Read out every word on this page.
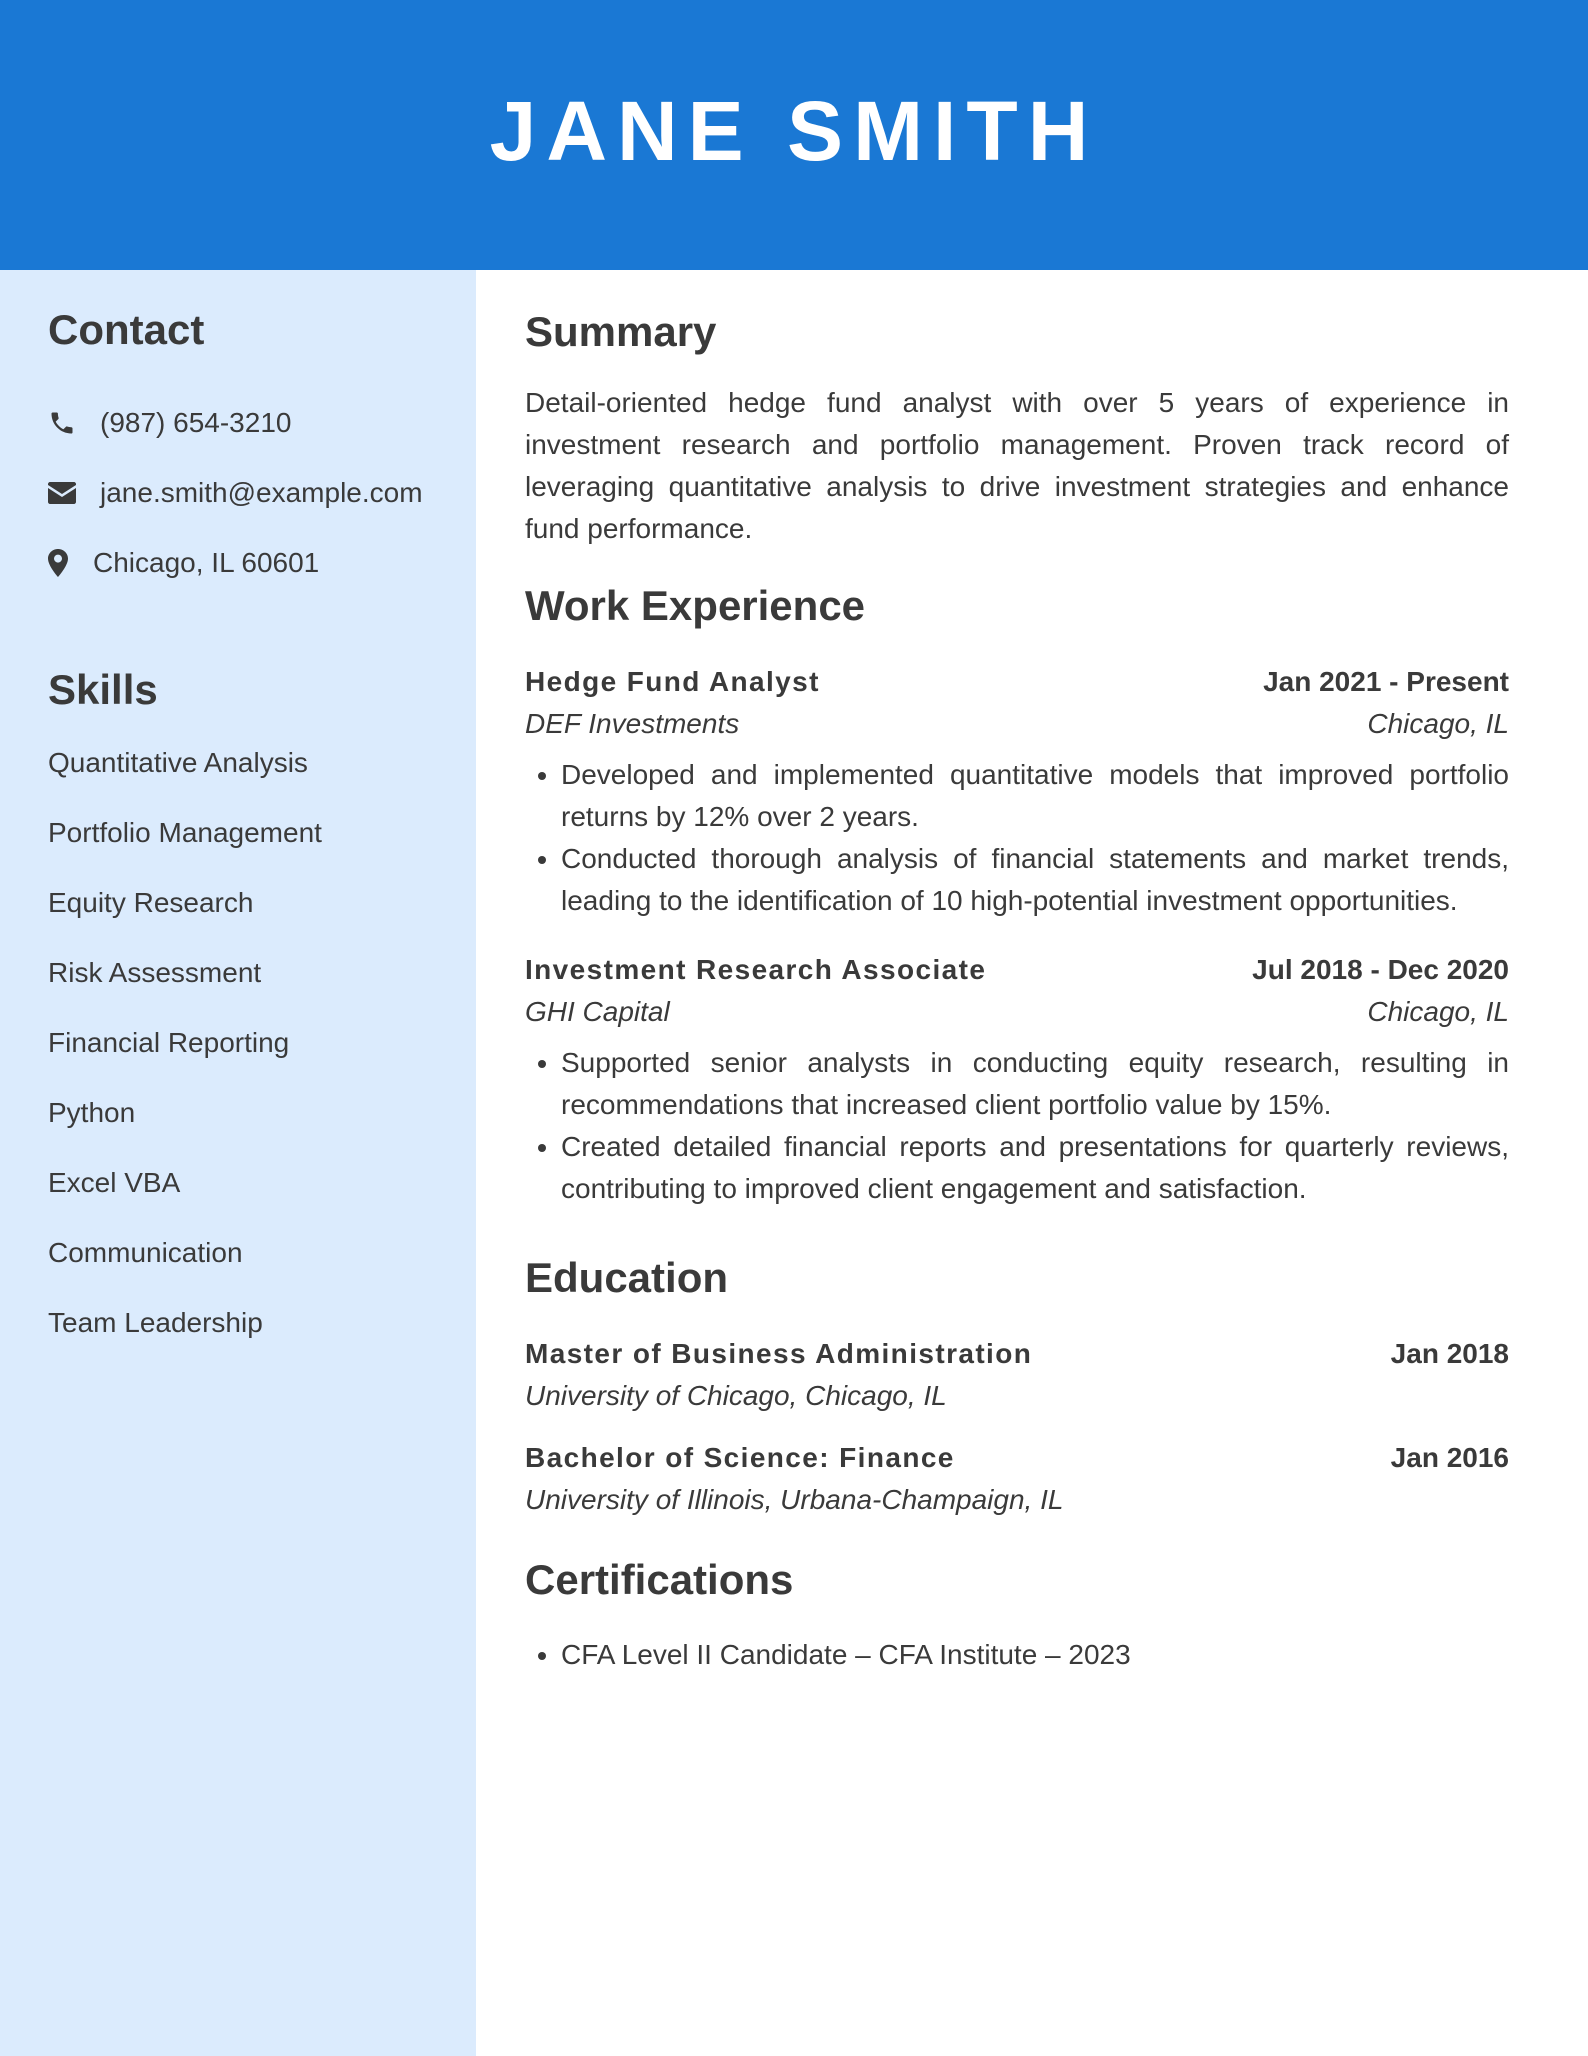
JANE SMITH
Contact
(987) 654-3210
jane.smith@example.com
Chicago, IL 60601
Skills
Quantitative Analysis
Portfolio Management
Equity Research
Risk Assessment
Financial Reporting
Python
Excel VBA
Communication
Team Leadership
Summary

Detail-oriented hedge fund analyst with over 5 years of experience in investment research and portfolio management. Proven track record of leveraging quantitative analysis to drive investment strategies and enhance fund performance.

Work Experience
Hedge Fund Analyst	Jan 2021 - Present
DEF Investments	Chicago, IL
• Developed and implemented quantitative models that improved portfolio returns by 12% over 2 years.
• Conducted thorough analysis of financial statements and market trends, leading to the identification of 10 high-potential investment opportunities.
Investment Research Associate	Jul 2018 - Dec 2020
GHI Capital	Chicago, IL
• Supported senior analysts in conducting equity research, resulting in recommendations that increased client portfolio value by 15%.
• Created detailed financial reports and presentations for quarterly reviews, contributing to improved client engagement and satisfaction.
Education
Master of Business Administration	Jan 2018
University of Chicago, Chicago, IL
Bachelor of Science: Finance	Jan 2016
University of Illinois, Urbana-Champaign, IL
Certifications
• CFA Level II Candidate – CFA Institute – 2023
